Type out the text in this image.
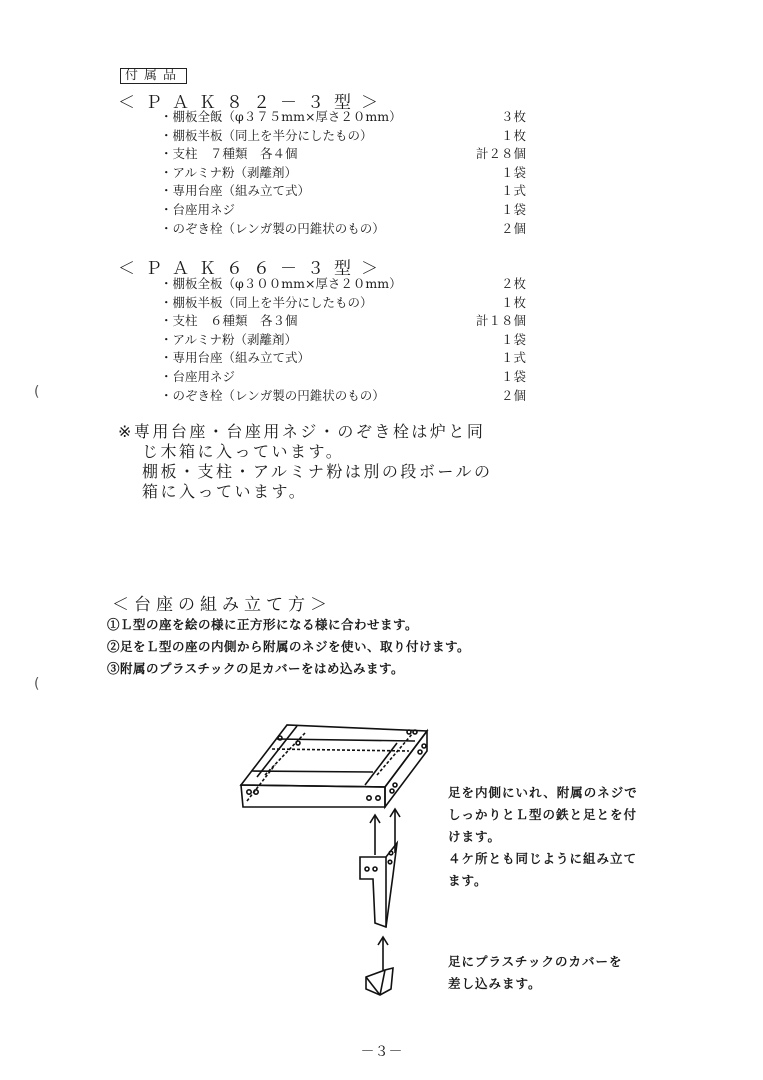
付属品
＜ＰＡＫ８２－３型＞
・棚板全飯（φ３７５mm×厚さ２０mm）	３枚
・棚板半板（同上を半分にしたもの）	１枚
・支柱　７種類　各４個	計２８個
・アルミナ粉（剥離剤）	１袋
・専用台座（組み立て式）	１式
・台座用ネジ	１袋
・のぞき栓（レンガ製の円錐状のもの）	２個
＜ＰＡＫ６６－３型＞
・棚板全板（φ３００mm×厚さ２０mm）	２枚
・棚板半板（同上を半分にしたもの）	１枚
・支柱　６種類　各３個	計１８個
・アルミナ粉（剥離剤）	１袋
・専用台座（組み立て式）	１式
・台座用ネジ	１袋
・のぞき栓（レンガ製の円錐状のもの）	２個
※専用台座・台座用ネジ・のぞき栓は炉と同
じ木箱に入っています。
棚板・支柱・アルミナ粉は別の段ボールの
箱に入っています。
(
(
＜台座の組み立て方＞
①Ｌ型の座を絵の様に正方形になる様に合わせます。
②足をＬ型の座の内側から附属のネジを使い、取り付けます。
③附属のプラスチックの足カバーをはめ込みます。
足を内側にいれ、附属のネジで
しっかりとＬ型の鉄と足とを付
けます。
４ケ所とも同じように組み立て
ます。
足にプラスチックのカバーを
差し込みます。
－３－
